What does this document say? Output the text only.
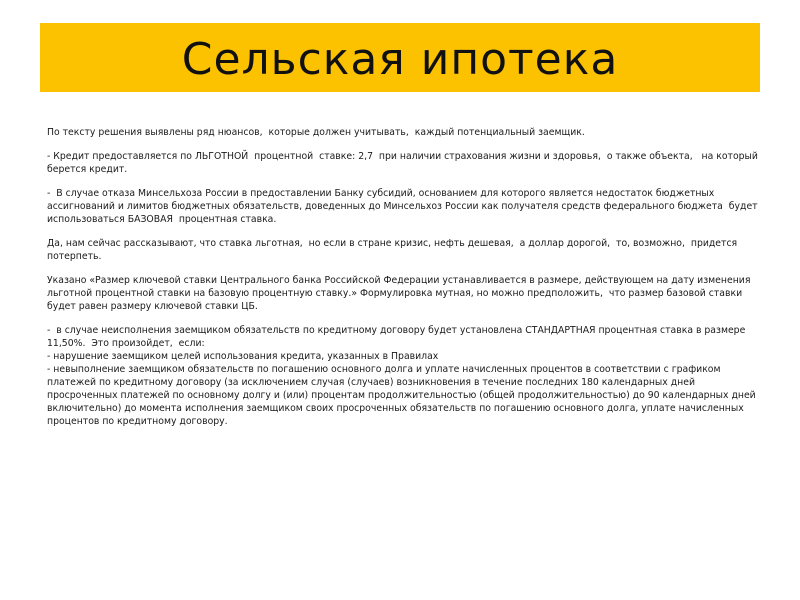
Сельская ипотека

По тексту решения выявлены ряд нюансов,  которые должен учитывать,  каждый потенциальный заемщик.

- Кредит предоставляется по ЛЬГОТНОЙ  процентной  ставке: 2,7  при наличии страхования жизни и здоровья,  о также объекта,   на который берется кредит.

-  В случае отказа Минсельхоза России в предоставлении Банку субсидий, основанием для которого является недостаток бюджетных ассигнований и лимитов бюджетных обязательств, доведенных до Минсельхоз России как получателя средств федерального бюджета  будет использоваться БАЗОВАЯ  процентная ставка.

Да, нам сейчас рассказывают, что ставка льготная,  но если в стране кризис, нефть дешевая,  а доллар дорогой,  то, возможно,  придется потерпеть.

Указано «Размер ключевой ставки Центрального банка Российской Федерации устанавливается в размере, действующем на дату изменения льготной процентной ставки на базовую процентную ставку.» Формулировка мутная, но можно предположить,  что размер базовой ставки будет равен размеру ключевой ставки ЦБ.

-  в случае неисполнения заемщиком обязательств по кредитному договору будет установлена СТАНДАРТНАЯ процентная ставка в размере 11,50%.  Это произойдет,  если:

- нарушение заемщиком целей использования кредита, указанных в Правилах

- невыполнение заемщиком обязательств по погашению основного долга и уплате начисленных процентов в соответствии с графиком платежей по кредитному договору (за исключением случая (случаев) возникновения в течение последних 180 календарных дней просроченных платежей по основному долгу и (или) процентам продолжительностью (общей продолжительностью) до 90 календарных дней включительно) до момента исполнения заемщиком своих просроченных обязательств по погашению основного долга, уплате начисленных процентов по кредитному договору.
